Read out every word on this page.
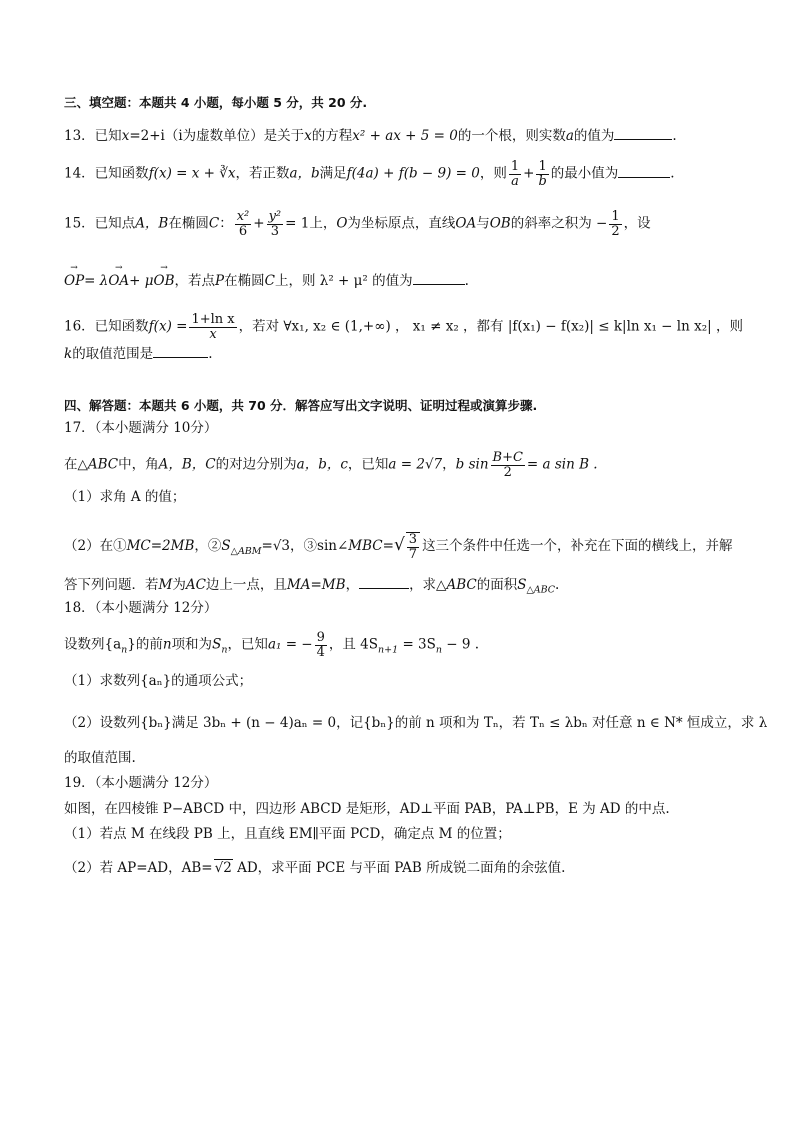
三、填空题：本题共 4 小题，每小题 5 分，共 20 分.
13．已知x=2+i（i为虚数单位）是关于x的方程x² + ax + 5 = 0的一个根，则实数a的值为	.
14．已知函数f(x) = x + ∛x，若正数a，b满足f(4a) + f(b − 9) = 0，则 $\frac{1}{a} + \frac{1}{b}$ 的最小值为	.
15．已知点A，B在椭圆C： $\frac{\text{x²}}{6} + \frac{\text{y²}}{3} = 1$上，O为坐标原点，直线OA与OB的斜率之积为 − $\frac{1}{2}$ ，设
→ OP= λ→ OA+ μ→ OB，若点P在椭圆C上，则 λ² + μ² 的值为	.
16．已知函数$f(x) = \frac{\text{1+ln x}}{x}$ ，若对 ∀x₁, x₂ ∈ (1,+∞) ， x₁ ≠ x₂ ，都有 |f(x₁) − f(x₂)| ≤ k|ln x₁ − ln x₂| ，则
k的取值范围是	.
四、解答题：本题共 6 小题，共 70 分．解答应写出文字说明、证明过程或演算步骤.
17．（本小题满分 10分）
在△ABC中，角A，B，C的对边分别为a，b，c，已知a = 2√7，b $\sin \frac{B+C}{2} = a$ sin B .
（1）求角 A 的值；
（2）在①MC=2MB，$②S_{\triangle ABM}=√3$，③sin∠MBC=√ $\frac{3}{7}$ 这三个条件中任选一个，补充在下面的横线上，并解
答下列问题．若M为AC边上一点，且MA=MB，	，求△ABC的面积$S_{\triangle ABC}$.
18．（本小题满分 12分）
设数列$\{a_n\}$的前n项和为$S_n$，已知a₁ = − $\frac{9}{4}$ ，且 $4S_{n+1} = 3S_n - 9$ .
（1）求数列{aₙ}的通项公式；
（2）设数列{bₙ}满足 3bₙ + (n − 4)aₙ = 0，记{bₙ}的前 n 项和为 Tₙ，若 Tₙ ≤ λbₙ 对任意 n ∈ N* 恒成立，求 λ
的取值范围.
19．（本小题满分 12分）
如图，在四棱锥 P−ABCD 中，四边形 ABCD 是矩形，AD⊥平面 PAB，PA⊥PB，E 为 AD 的中点.
（1）若点 M 在线段 PB 上，且直线 EM∥平面 PCD，确定点 M 的位置；
（2）若 AP=AD，AB= √2 AD，求平面 PCE 与平面 PAB 所成锐二面角的余弦值.
